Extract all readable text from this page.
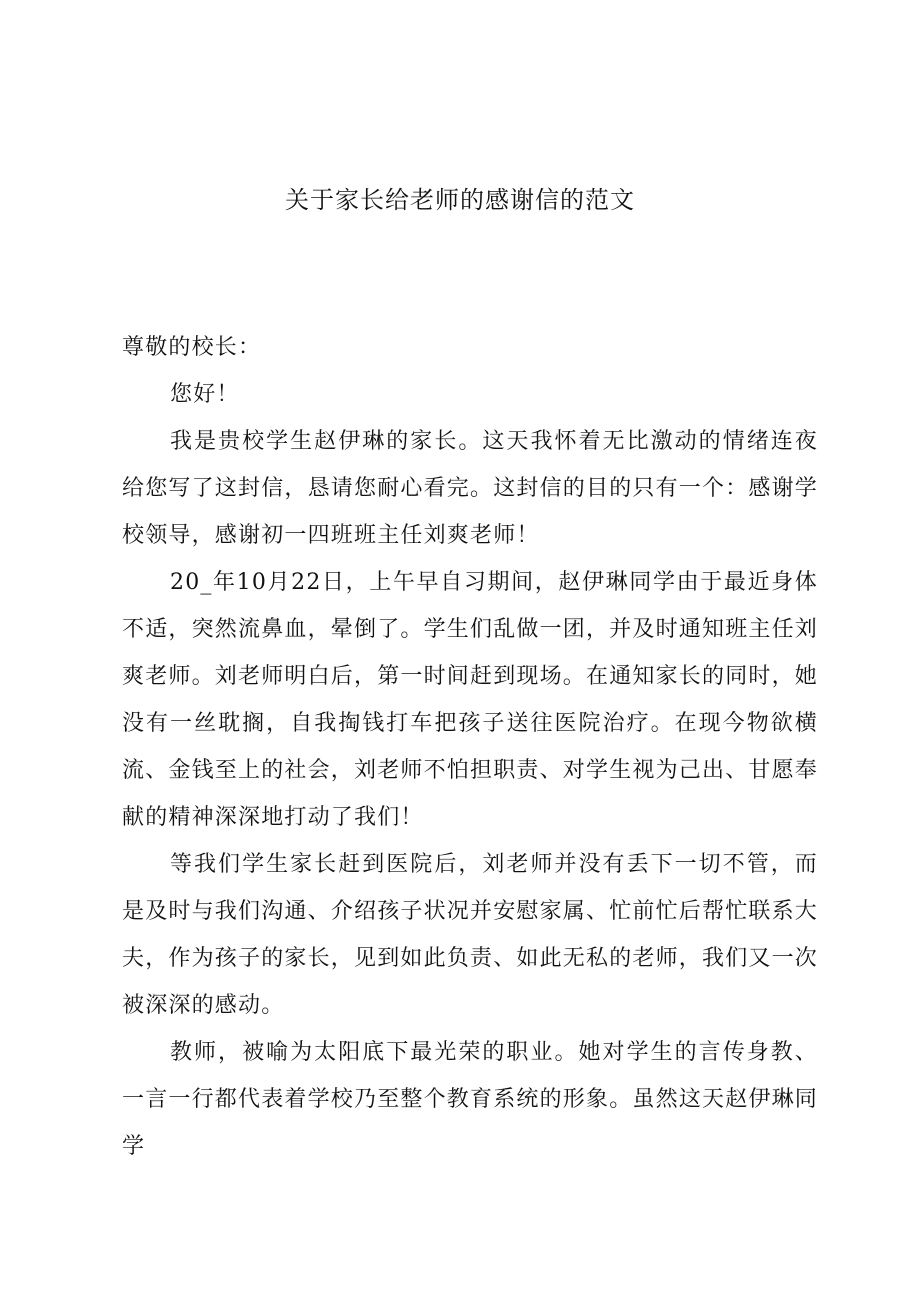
关于家长给老师的感谢信的范文

尊敬的校长：

您好！

我是贵校学生赵伊琳的家长。这天我怀着无比激动的情绪连夜给您写了这封信，恳请您耐心看完。这封信的目的只有一个：感谢学校领导，感谢初一四班班主任刘爽老师！

20_年10月22日，上午早自习期间，赵伊琳同学由于最近身体不适，突然流鼻血，晕倒了。学生们乱做一团，并及时通知班主任刘爽老师。刘老师明白后，第一时间赶到现场。在通知家长的同时，她没有一丝耽搁，自我掏钱打车把孩子送往医院治疗。在现今物欲横流、金钱至上的社会，刘老师不怕担职责、对学生视为己出、甘愿奉献的精神深深地打动了我们！

等我们学生家长赶到医院后，刘老师并没有丢下一切不管，而是及时与我们沟通、介绍孩子状况并安慰家属、忙前忙后帮忙联系大夫，作为孩子的家长，见到如此负责、如此无私的老师，我们又一次被深深的感动。

教师，被喻为太阳底下最光荣的职业。她对学生的言传身教、一言一行都代表着学校乃至整个教育系统的形象。虽然这天赵伊琳同学
